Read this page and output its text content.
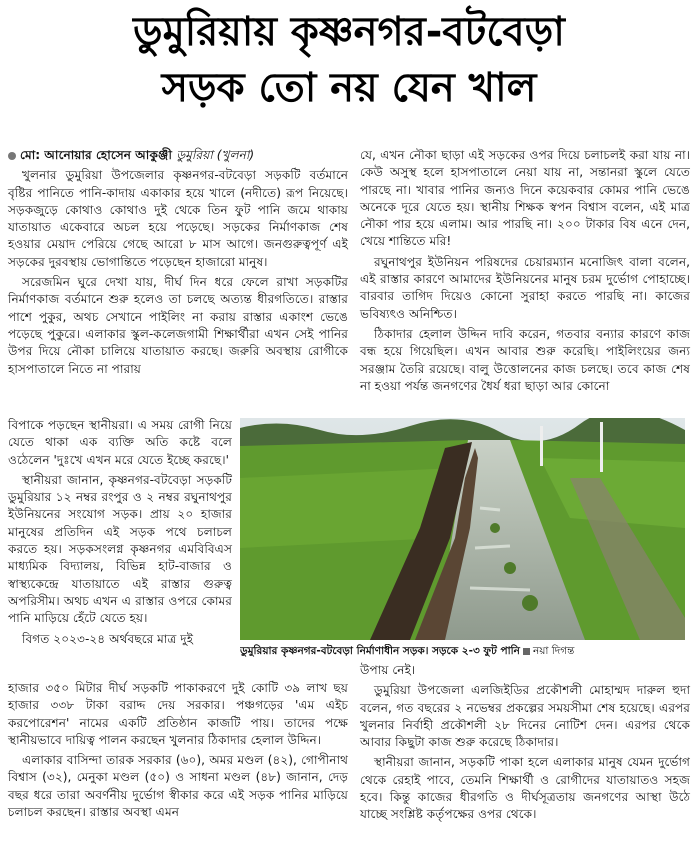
ডুমুরিয়ায় কৃষ্ণনগর-বটবেড়া
সড়ক তো নয় যেন খাল

মো: আনোয়ার হোসেন আকুঞ্জী ডুমুরিয়া (খুলনা)

খুলনার ডুমুরিয়া উপজেলার কৃষ্ণনগর-বটবেড়া সড়কটি বর্তমানে বৃষ্টির পানিতে পানি-কাদায় একাকার হয়ে খালে (নদীতে) রূপ নিয়েছে। সড়কজুড়ে কোথাও কোথাও দুই থেকে তিন ফুট পানি জমে থাকায় যাতায়াত একেবারে অচল হয়ে পড়েছে। সড়কের নির্মাণকাজ শেষ হওয়ার মেয়াদ পেরিয়ে গেছে আরো ৮ মাস আগে। জনগুরুত্বপূর্ণ এই সড়কের দুরবস্থায় ভোগান্তিতে পড়েছেন হাজারো মানুষ।

সরেজমিন ঘুরে দেখা যায়, দীর্ঘ দিন ধরে ফেলে রাখা সড়কটির নির্মাণকাজ বর্তমানে শুরু হলেও তা চলছে অত্যন্ত ধীরগতিতে। রাস্তার পাশে পুকুর, অথচ সেখানে পাইলিং না করায় রাস্তার একাংশ ভেঙে পড়েছে পুকুরে। এলাকার স্কুল-কলেজগামী শিক্ষার্থীরা এখন সেই পানির উপর দিয়ে নৌকা চালিয়ে যাতায়াত করছে। জরুরি অবস্থায় রোগীকে হাসপাতালে নিতে না পারায়

বিপাকে পড়ছেন স্থানীয়রা। এ সময় রোগী নিয়ে যেতে থাকা এক ব্যক্তি অতি কষ্টে বলে ওঠেলেন 'দুঃখে এখন মরে যেতে ইচ্ছে করছে।'

স্থানীয়রা জানান, কৃষ্ণনগর-বটবেড়া সড়কটি ডুমুরিয়ার ১২ নম্বর রংপুর ও ২ নম্বর রঘুনাথপুর ইউনিয়নের সংযোগ সড়ক। প্রায় ২০ হাজার মানুষের প্রতিদিন এই সড়ক পথে চলাচল করতে হয়। সড়কসংলগ্ন কৃষ্ণনগর এমবিবিএস মাধ্যমিক বিদ্যালয়, বিভিন্ন হাট-বাজার ও স্বাস্থ্যকেন্দ্রে যাতায়াতে এই রাস্তার গুরুত্ব অপরিসীম। অথচ এখন এ রাস্তার ওপরে কোমর পানি মাড়িয়ে হেঁটে যেতে হয়।

বিগত ২০২৩-২৪ অর্থবছরে মাত্র দুই

হাজার ৩৫০ মিটার দীর্ঘ সড়কটি পাকাকরণে দুই কোটি ৩৯ লাখ ছয় হাজার ৩৩৮ টাকা বরাদ্দ দেয় সরকার। পঞ্চগড়ের 'এম এইচ করপোরেশন' নামের একটি প্রতিষ্ঠান কাজটি পায়। তাদের পক্ষে স্থানীয়ভাবে দায়িত্ব পালন করছেন খুলনার ঠিকাদার হেলাল উদ্দিন।

এলাকার বাসিন্দা তারক সরকার (৬০), অমর মণ্ডল (৪২), গোপীনাথ বিশ্বাস (৩২), মেনুকা মণ্ডল (৫০) ও সাধনা মণ্ডল (৪৮) জানান, দেড় বছর ধরে তারা অবর্ণনীয় দুর্ভোগ স্বীকার করে এই সড়ক পানির মাড়িয়ে চলাচল করছেন। রাস্তার অবস্থা এমন

যে, এখন নৌকা ছাড়া এই সড়কের ওপর দিয়ে চলাচলই করা যায় না। কেউ অসুস্থ হলে হাসপাতালে নেয়া যায় না, সন্তানরা স্কুলে যেতে পারছে না। খাবার পানির জন্যও দিনে কয়েকবার কোমর পানি ভেঙে অনেকে দূরে যেতে হয়। স্থানীয় শিক্ষক স্বপন বিশ্বাস বলেন, এই মাত্র নৌকা পার হয়ে এলাম। আর পারছি না। ২০০ টাকার বিষ এনে দেন, খেয়ে শান্তিতে মরি!

রঘুনাথপুর ইউনিয়ন পরিষদের চেয়ারম্যান মনোজিৎ বালা বলেন, এই রাস্তার কারণে আমাদের ইউনিয়নের মানুষ চরম দুর্ভোগ পোহাচ্ছে। বারবার তাগিদ দিয়েও কোনো সুরাহা করতে পারছি না। কাজের ভবিষ্যৎও অনিশ্চিত।

ঠিকাদার হেলাল উদ্দিন দাবি করেন, গতবার বন্যার কারণে কাজ বন্ধ হয়ে গিয়েছিল। এখন আবার শুরু করেছি। পাইলিংয়ের জন্য সরঞ্জাম তৈরি রয়েছে। বালু উত্তোলনের কাজ চলছে। তবে কাজ শেষ না হওয়া পর্যন্ত জনগণের ধৈর্য ধরা ছাড়া আর কোনো

উপায় নেই।

ডুমুরিয়া উপজেলা এলজিইডির প্রকৌশলী মোহাম্মদ দারুল হুদা বলেন, গত বছরের ২ নভেম্বর প্রকল্পের সময়সীমা শেষ হয়েছে। এরপর খুলনার নির্বাহী প্রকৌশলী ২৮ দিনের নোটিশ দেন। এরপর থেকে আবার কিছুটা কাজ শুরু করেছে ঠিকাদার।

স্থানীয়রা জানান, সড়কটি পাকা হলে এলাকার মানুষ যেমন দুর্ভোগ থেকে রেহাই পাবে, তেমনি শিক্ষার্থী ও রোগীদের যাতায়াতও সহজ হবে। কিন্তু কাজের ধীরগতি ও দীর্ঘসূত্রতায় জনগণের আস্থা উঠে যাচ্ছে সংশ্লিষ্ট কর্তৃপক্ষের ওপর থেকে।

ডুমুরিয়ার কৃষ্ণনগর-বটবেড়া নির্মাণাধীন সড়ক। সড়কে ২-৩ ফুট পানি নয়া দিগন্ত
